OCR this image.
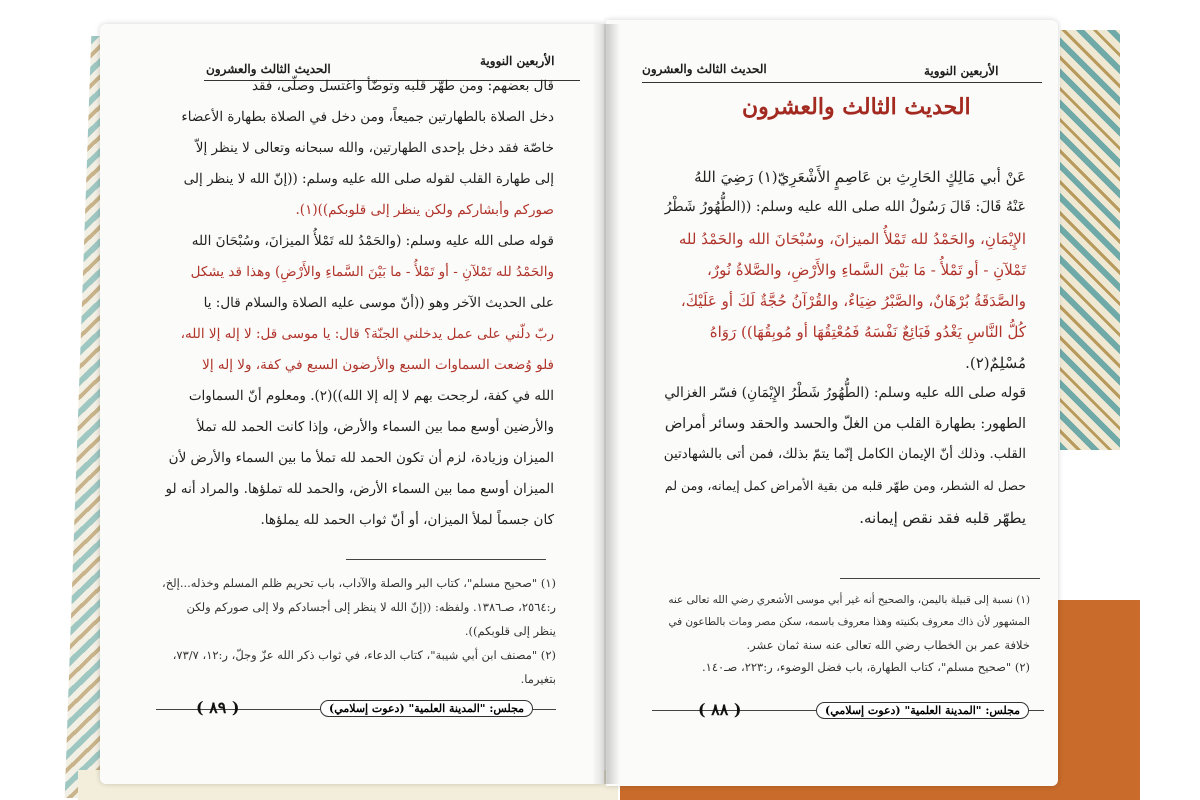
الحديث الثالث والعشرون
الأربعين النووية
قال بعضهم: ومن طهّر قلبه وتوضّأ واغتسل وصلّى، فقد
دخل الصلاة بالطهارتين جميعاً، ومن دخل في الصلاة بطهارة الأعضاء
خاصّة فقد دخل بإحدى الطهارتين، والله سبحانه وتعالى لا ينظر إلاّ
إلى طهارة القلب لقوله صلى الله عليه وسلم: ((إنّ الله لا ينظر إلى
صوركم وأبشاركم ولكن ينظر إلى قلوبكم))(١).
قوله صلى الله عليه وسلم: (والحَمْدُ لله تَمْلأُ الميزانَ، وسُبْحَانَ الله
والحَمْدُ لله تَمْلآنِ - أو تَمْلأُ - ما بَيْنَ السَّماءِ والأَرْضِ) وهذا قد يشكل
على الحديث الآخر وهو ((أنّ موسى عليه الصلاة والسلام قال: يا
ربّ دلّني على عمل يدخلني الجنّة؟ قال: يا موسى قل: لا إله إلا الله،
فلو وُضعت السماوات السبع والأرضون السبع في كفة، ولا إله إلا
الله في كفة، لرجحت بهم لا إله إلا الله))(٢). ومعلوم أنّ السماوات
والأرضين أوسع مما بين السماء والأرض، وإذا كانت الحمد لله تملأ
الميزان وزيادة، لزم أن تكون الحمد لله تملأ ما بين السماء والأرض لأن
الميزان أوسع مما بين السماء الأرض، والحمد لله تملؤها. والمراد أنه لو
كان جسماً لملأ الميزان، أو أنّ ثواب الحمد لله يملؤها.
(١) "صحيح مسلم"، كتاب البر والصلة والآداب، باب تحريم ظلم المسلم وخذله...إلخ،
ر:٢٥٦٤، صـ١٣٨٦. ولفظه: ((إنّ الله لا ينظر إلى أجسادكم ولا إلى صوركم ولكن
ينظر إلى قلوبكم)).
(٢) "مصنف ابن أبي شيبة"، كتاب الدعاء، في ثواب ذكر الله عزّ وجلّ، ر:١٢، ٧٣/٧،
بتغيرما.
( ٨٩ )	مجلس: "المدينة العلمية" (دعوت إسلامي)
الحديث الثالث والعشرون	الأربعين النووية
الحديث الثالث والعشرون
عَنْ أبي مَالِكٍ الحَارِثِ بن عَاصِمٍ الأَشْعَرِيّ(١) رَضِيَ اللهُ
عَنْهُ قَالَ: قَالَ رَسُولُ الله صلى الله عليه وسلم: ((الطُّهُورُ شَطْرُ
الإِيْمَانِ، والحَمْدُ لله تَمْلأُ الميزانَ، وسُبْحَانَ الله والحَمْدُ لله
تَمْلآنِ - أو تَمْلأُ - مَا بَيْنَ السَّماءِ والأَرْضِ، والصَّلاةُ نُورٌ،
والصَّدَقَةُ بُرْهَانٌ، والصَّبْرُ ضِيَاءٌ، والقُرْآنُ حُجَّةٌ لَكَ أو عَلَيْكَ،
كُلُّ النَّاسِ يَغْدُو فَبَائِعٌ نَفْسَهُ فَمُعْتِقُهَا أو مُوبِقُهَا)) رَوَاهُ
مُسْلِمٌ(٢).
قوله صلى الله عليه وسلم: (الطُّهُورُ شَطْرُ الإِيْمَانِ) فسّر الغزالي
الطهور: بطهارة القلب من الغلّ والحسد والحقد وسائر أمراض
القلب. وذلك أنّ الإيمان الكامل إنّما يتمّ بذلك، فمن أتى بالشهادتين
حصل له الشطر، ومن طهّر قلبه من بقية الأمراض كمل إيمانه، ومن لم
يطهّر قلبه فقد نقص إيمانه.
(١) نسبة إلى قبيلة باليمن، والصحيح أنه غير أبي موسى الأشعري رضي الله تعالى عنه
المشهور لأن ذاك معروف بكنيته وهذا معروف باسمه، سكن مصر ومات بالطاعون في
خلافة عمر بن الخطاب رضي الله تعالى عنه سنة ثمان عشر.
(٢) "صحيح مسلم"، كتاب الطهارة، باب فضل الوضوء، ر:٢٢٣، صـ١٤٠.
( ٨٨ )	مجلس: "المدينة العلمية" (دعوت إسلامي)
